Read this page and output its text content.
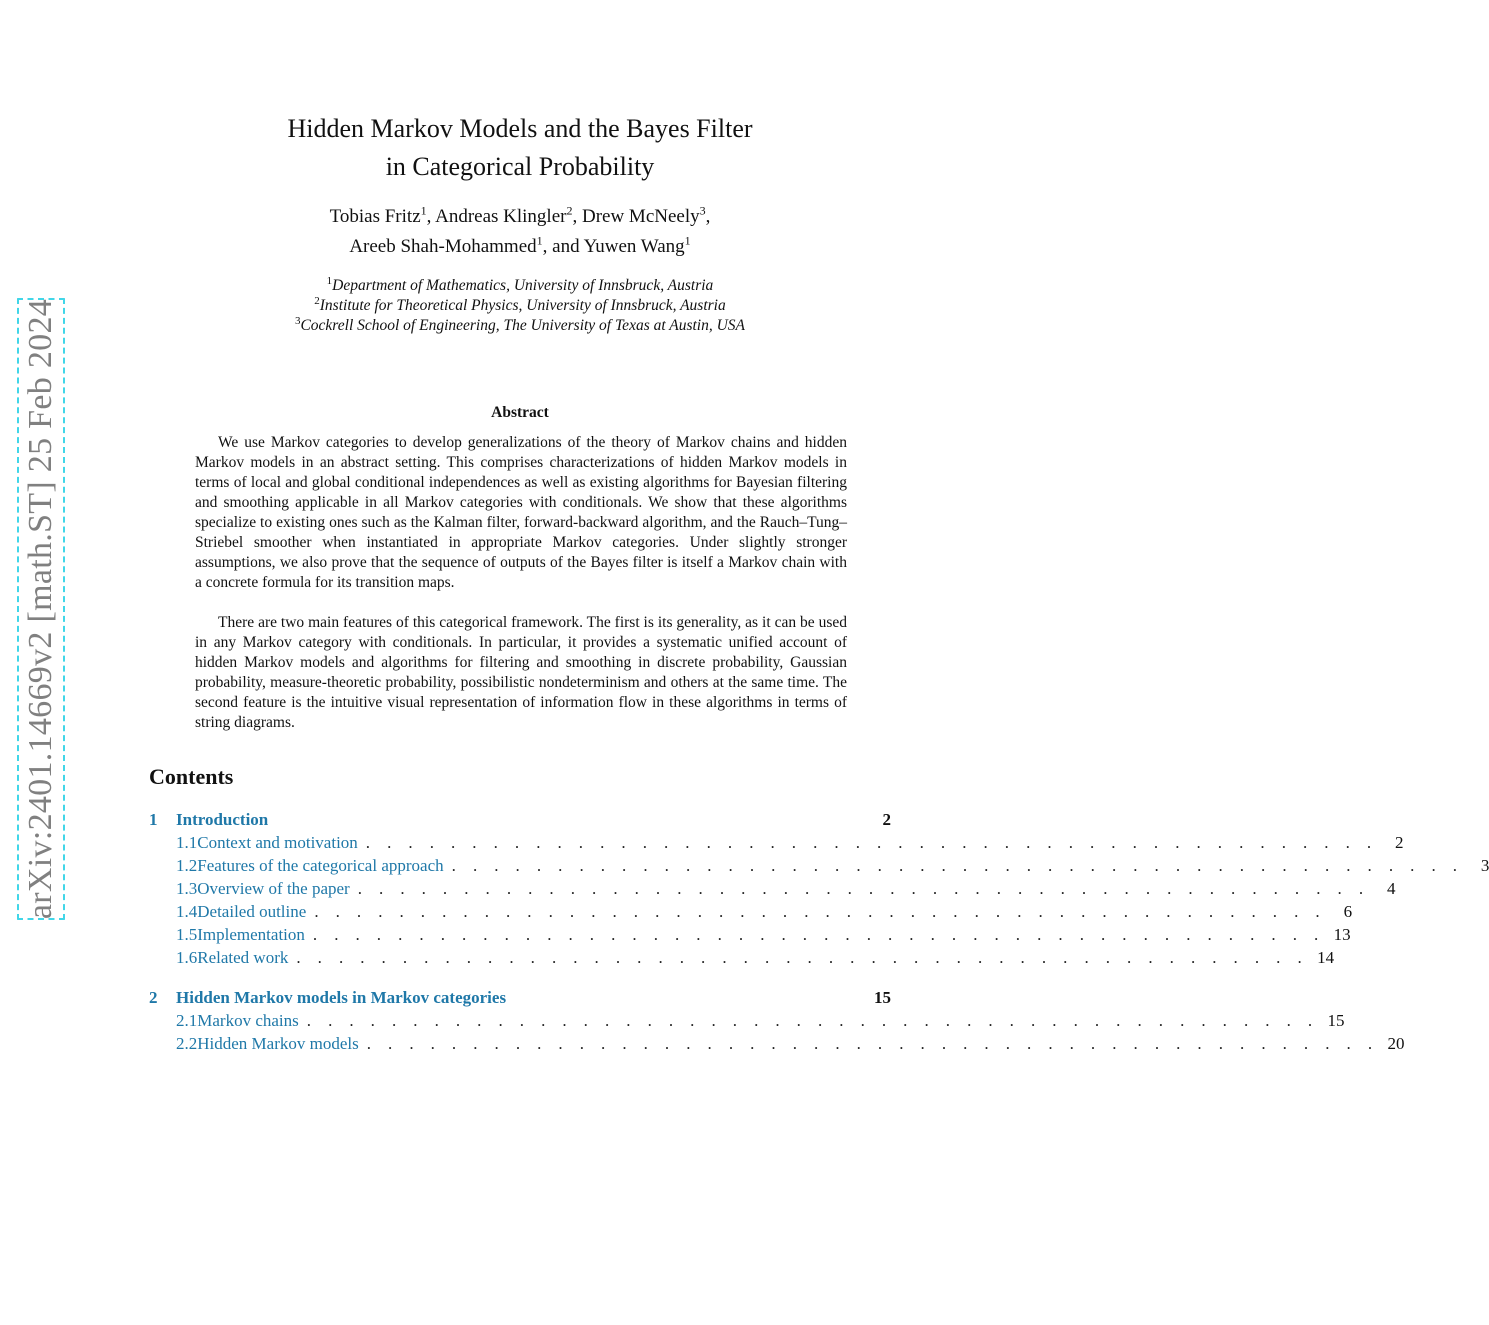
arXiv:2401.14669v2 [math.ST] 25 Feb 2024
Hidden Markov Models and the Bayes Filter
in Categorical Probability
Tobias Fritz$^1$, Andreas Klingler$^2$, Drew McNeely$^3$,
Areeb Shah-Mohammed$^1$, and Yuwen Wang$^1$
$^1$Department of Mathematics, University of Innsbruck, Austria
$^2$Institute for Theoretical Physics, University of Innsbruck, Austria
$^3$Cockrell School of Engineering, The University of Texas at Austin, USA
Abstract

We use Markov categories to develop generalizations of the theory of Markov chains and hidden Markov models in an abstract setting. This comprises characterizations of hidden Markov models in terms of local and global conditional independences as well as existing algorithms for Bayesian filtering and smoothing applicable in all Markov categories with conditionals. We show that these algorithms specialize to existing ones such as the Kalman filter, forward-backward algorithm, and the Rauch–Tung–Striebel smoother when instantiated in appropriate Markov categories. Under slightly stronger assumptions, we also prove that the sequence of outputs of the Bayes filter is itself a Markov chain with a concrete formula for its transition maps.

There are two main features of this categorical framework. The first is its generality, as it can be used in any Markov category with conditionals. In particular, it provides a systematic unified account of hidden Markov models and algorithms for filtering and smoothing in discrete probability, Gaussian probability, measure-theoretic probability, possibilistic nondeterminism and others at the same time. The second feature is the intuitive visual representation of information flow in these algorithms in terms of string diagrams.

Contents
1	Introduction	2
1.1 Context and motivation . . . . . . . . . . . . . . . . . . . . . . . . . . . . . . . . . . . . . . . . . . . . . . . .	2
1.2 Features of the categorical approach . . . . . . . . . . . . . . . . . . . . . . . . . . . . . . . . . . . . . . . . . . . . . . . .	3
1.3 Overview of the paper . . . . . . . . . . . . . . . . . . . . . . . . . . . . . . . . . . . . . . . . . . . . . . . .	4
1.4 Detailed outline . . . . . . . . . . . . . . . . . . . . . . . . . . . . . . . . . . . . . . . . . . . . . . . .	6
1.5 Implementation . . . . . . . . . . . . . . . . . . . . . . . . . . . . . . . . . . . . . . . . . . . . . . . . 13
1.6 Related work . . . . . . . . . . . . . . . . . . . . . . . . . . . . . . . . . . . . . . . . . . . . . . . . 14
2	Hidden Markov models in Markov categories	15
2.1 Markov chains . . . . . . . . . . . . . . . . . . . . . . . . . . . . . . . . . . . . . . . . . . . . . . . . 15
2.2 Hidden Markov models . . . . . . . . . . . . . . . . . . . . . . . . . . . . . . . . . . . . . . . . . . . . . . . . 20
